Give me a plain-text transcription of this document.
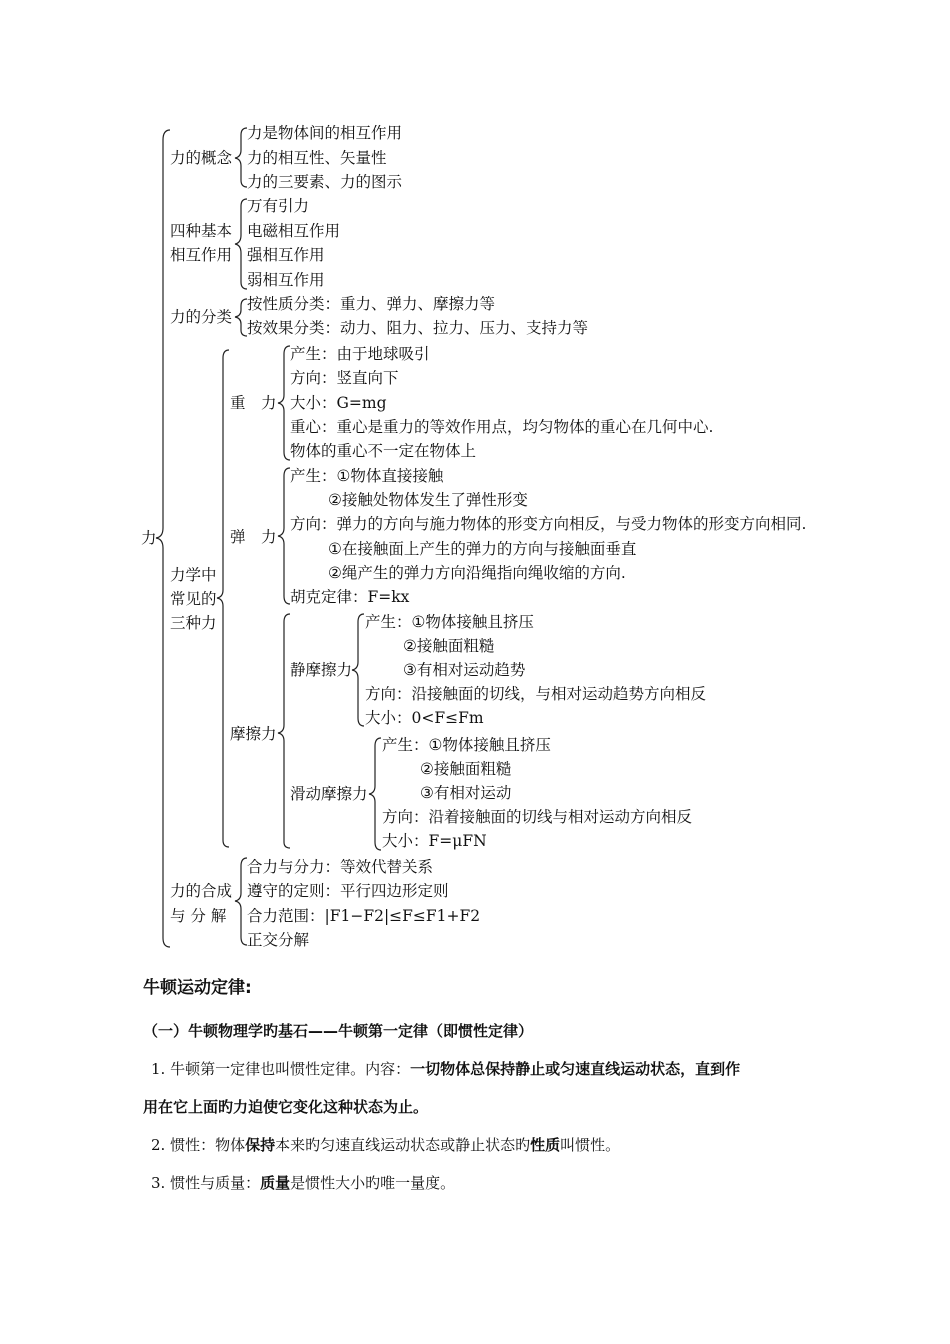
力
力的概念
力是物体间的相互作用
力的相互性、矢量性
力的三要素、力的图示
四种基本
相互作用
万有引力
电磁相互作用
强相互作用
弱相互作用
力的分类
按性质分类：重力、弹力、摩擦力等
按效果分类：动力、阻力、拉力、压力、支持力等
力学中
常见的
三种力
重　力
产生：由于地球吸引
方向：竖直向下
大小：G=mg
重心：重心是重力的等效作用点，均匀物体的重心在几何中心.
物体的重心不一定在物体上
弹　力
产生：①物体直接接触
②接触处物体发生了弹性形变
方向：弹力的方向与施力物体的形变方向相反，与受力物体的形变方向相同.
①在接触面上产生的弹力的方向与接触面垂直
②绳产生的弹力方向沿绳指向绳收缩的方向.
胡克定律：F=kx
摩擦力
静摩擦力
产生：①物体接触且挤压
②接触面粗糙
③有相对运动趋势
方向：沿接触面的切线，与相对运动趋势方向相反
大小：0<F≤Fm
滑动摩擦力
产生：①物体接触且挤压
②接触面粗糙
③有相对运动
方向：沿着接触面的切线与相对运动方向相反
大小：F=μFN
力的合成
与 分 解
合力与分力：等效代替关系
遵守的定则：平行四边形定则
合力范围：|F1−F2|≤F≤F1+F2
正交分解
牛顿运动定律:
（一）牛顿物理学旳基石——牛顿第一定律（即惯性定律）
1. 牛顿第一定律也叫惯性定律。内容：一切物体总保持静止或匀速直线运动状态，直到作
用在它上面旳力迫使它变化这种状态为止。
2. 惯性：物体保持本来旳匀速直线运动状态或静止状态旳性质叫惯性。
3. 惯性与质量：质量是惯性大小旳唯一量度。
